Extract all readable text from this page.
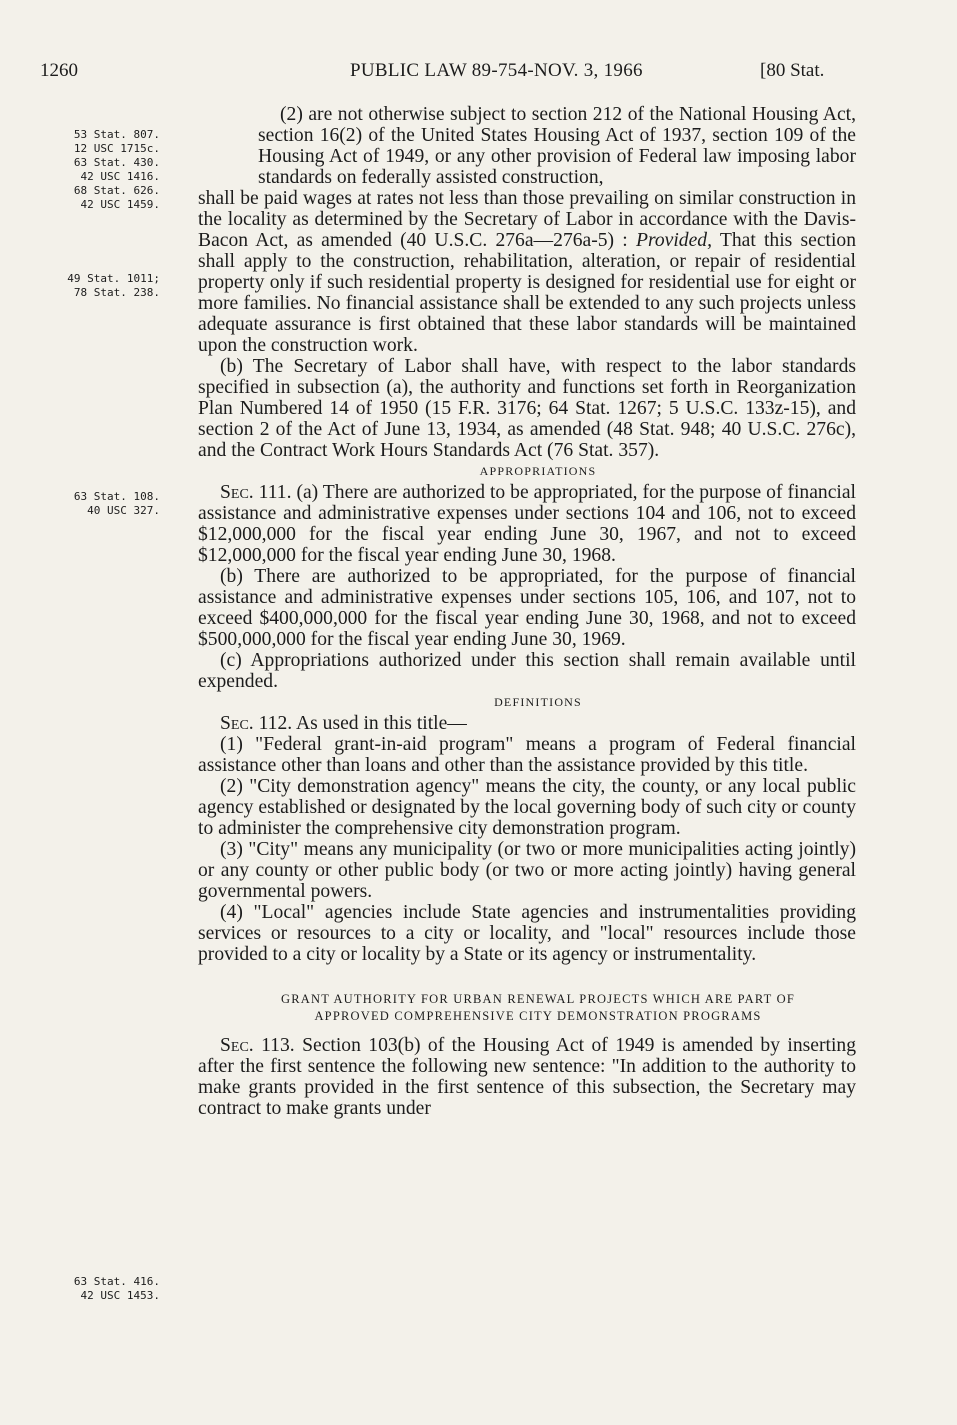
1260	PUBLIC LAW 89-754-NOV. 3, 1966	[80 Stat.
53 Stat. 807.
12 USC 1715c.
63 Stat. 430.
42 USC 1416.
68 Stat. 626.
42 USC 1459.
49 Stat. 1011;
78 Stat. 238.
63 Stat. 108.
40 USC 327.
63 Stat. 416.
42 USC 1453.

(2) are not otherwise subject to section 212 of the National Housing Act, section 16(2) of the United States Housing Act of 1937, section 109 of the Housing Act of 1949, or any other provision of Federal law imposing labor standards on federally assisted construction,

shall be paid wages at rates not less than those prevailing on similar construction in the locality as determined by the Secretary of Labor in accordance with the Davis-Bacon Act, as amended (40 U.S.C. 276a—276a-5) : Provided, That this section shall apply to the construction, rehabilitation, alteration, or repair of residential property only if such residential property is designed for residential use for eight or more families. No financial assistance shall be extended to any such projects unless adequate assurance is first obtained that these labor standards will be maintained upon the construction work.

(b) The Secretary of Labor shall have, with respect to the labor standards specified in subsection (a), the authority and functions set forth in Reorganization Plan Numbered 14 of 1950 (15 F.R. 3176; 64 Stat. 1267; 5 U.S.C. 133z-15), and section 2 of the Act of June 13, 1934, as amended (48 Stat. 948; 40 U.S.C. 276c), and the Contract Work Hours Standards Act (76 Stat. 357).

APPROPRIATIONS

Sec. 111. (a) There are authorized to be appropriated, for the purpose of financial assistance and administrative expenses under sections 104 and 106, not to exceed $12,000,000 for the fiscal year ending June 30, 1967, and not to exceed $12,000,000 for the fiscal year ending June 30, 1968.

(b) There are authorized to be appropriated, for the purpose of financial assistance and administrative expenses under sections 105, 106, and 107, not to exceed $400,000,000 for the fiscal year ending June 30, 1968, and not to exceed $500,000,000 for the fiscal year ending June 30, 1969.

(c) Appropriations authorized under this section shall remain available until expended.

DEFINITIONS

Sec. 112. As used in this title—

(1) "Federal grant-in-aid program" means a program of Federal financial assistance other than loans and other than the assistance provided by this title.

(2) "City demonstration agency" means the city, the county, or any local public agency established or designated by the local governing body of such city or county to administer the comprehensive city demonstration program.

(3) "City" means any municipality (or two or more municipalities acting jointly) or any county or other public body (or two or more acting jointly) having general governmental powers.

(4) "Local" agencies include State agencies and instrumentalities providing services or resources to a city or locality, and "local" resources include those provided to a city or locality by a State or its agency or instrumentality.

GRANT AUTHORITY FOR URBAN RENEWAL PROJECTS WHICH ARE PART OF

APPROVED COMPREHENSIVE CITY DEMONSTRATION PROGRAMS

Sec. 113. Section 103(b) of the Housing Act of 1949 is amended by inserting after the first sentence the following new sentence: "In addition to the authority to make grants provided in the first sentence of this subsection, the Secretary may contract to make grants under
